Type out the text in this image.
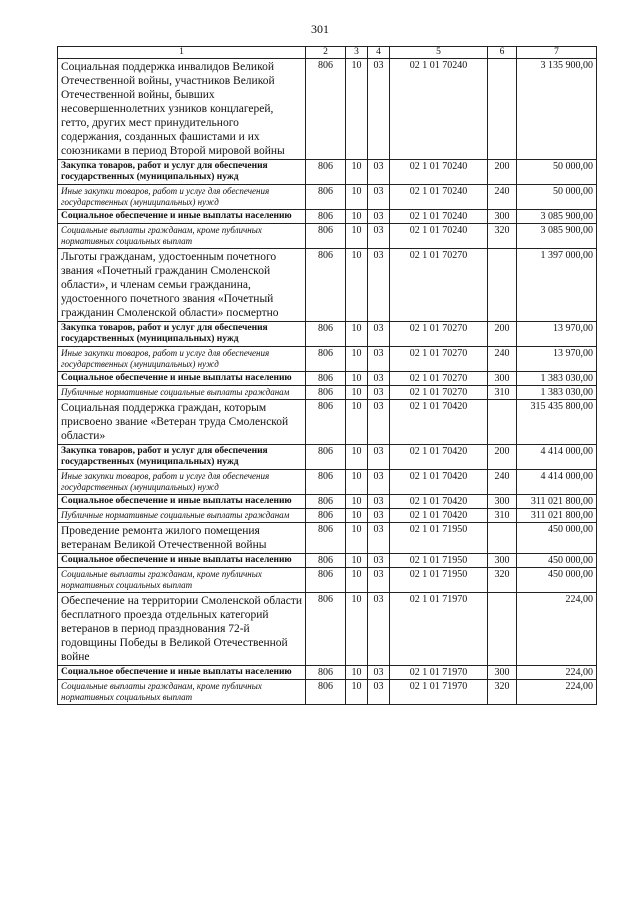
301
1	2	3	4	5	6	7
Социальная поддержка инвалидов Великой Отечественной войны, участников Великой Отечественной войны, бывших несовершеннолетних узников концлагерей, гетто, других мест принудительного содержания, созданных фашистами и их союзниками в период Второй мировой войны	806	10	03	02 1 01 70240		3 135 900,00
Закупка товаров, работ и услуг для обеспечения государственных (муниципальных) нужд	806	10	03	02 1 01 70240	200	50 000,00
Иные закупки товаров, работ и услуг для обеспечения государственных (муниципальных) нужд	806	10	03	02 1 01 70240	240	50 000,00
Социальное обеспечение и иные выплаты населению	806	10	03	02 1 01 70240	300	3 085 900,00
Социальные выплаты гражданам, кроме публичных нормативных социальных выплат	806	10	03	02 1 01 70240	320	3 085 900,00
Льготы гражданам, удостоенным почетного звания «Почетный гражданин Смоленской области», и членам семьи гражданина, удостоенного почетного звания «Почетный гражданин Смоленской области» посмертно	806	10	03	02 1 01 70270		1 397 000,00
Закупка товаров, работ и услуг для обеспечения государственных (муниципальных) нужд	806	10	03	02 1 01 70270	200	13 970,00
Иные закупки товаров, работ и услуг для обеспечения государственных (муниципальных) нужд	806	10	03	02 1 01 70270	240	13 970,00
Социальное обеспечение и иные выплаты населению	806	10	03	02 1 01 70270	300	1 383 030,00
Публичные нормативные социальные выплаты гражданам	806	10	03	02 1 01 70270	310	1 383 030,00
Социальная поддержка граждан, которым присвоено звание «Ветеран труда Смоленской области»	806	10	03	02 1 01 70420		315 435 800,00
Закупка товаров, работ и услуг для обеспечения государственных (муниципальных) нужд	806	10	03	02 1 01 70420	200	4 414 000,00
Иные закупки товаров, работ и услуг для обеспечения государственных (муниципальных) нужд	806	10	03	02 1 01 70420	240	4 414 000,00
Социальное обеспечение и иные выплаты населению	806	10	03	02 1 01 70420	300	311 021 800,00
Публичные нормативные социальные выплаты гражданам	806	10	03	02 1 01 70420	310	311 021 800,00
Проведение ремонта жилого помещения ветеранам Великой Отечественной войны	806	10	03	02 1 01 71950		450 000,00
Социальное обеспечение и иные выплаты населению	806	10	03	02 1 01 71950	300	450 000,00
Социальные выплаты гражданам, кроме публичных нормативных социальных выплат	806	10	03	02 1 01 71950	320	450 000,00
Обеспечение на территории Смоленской области бесплатного проезда отдельных категорий ветеранов в период празднования 72-й годовщины Победы в Великой Отечественной войне	806	10	03	02 1 01 71970		224,00
Социальное обеспечение и иные выплаты населению	806	10	03	02 1 01 71970	300	224,00
Социальные выплаты гражданам, кроме публичных нормативных социальных выплат	806	10	03	02 1 01 71970	320	224,00
